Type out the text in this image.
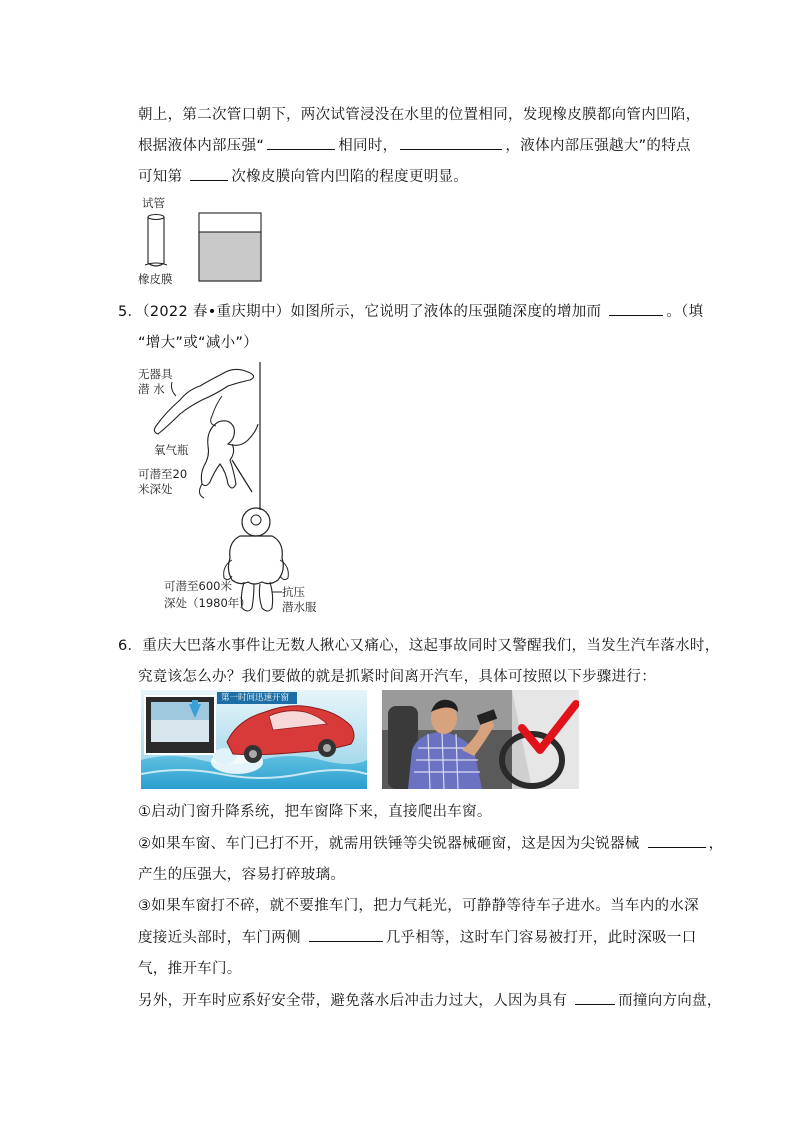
朝上，第二次管口朝下，两次试管浸没在水里的位置相同，发现橡皮膜都向管内凹陷，
根据液体内部压强“	相同时，	，液体内部压强越大”的特点
可知第	次橡皮膜向管内凹陷的程度更明显。
试管
橡皮膜
5．（2022 春•重庆期中）如图所示，它说明了液体的压强随深度的增加而	。（填
“增大”或“减小”）
无器具
潜 水
氧气瓶
可潜至20
米深处
可潜至600米
深处（1980年）
抗压
潜水服
6．重庆大巴落水事件让无数人揪心又痛心，这起事故同时又警醒我们，当发生汽车落水时，
究竟该怎么办？我们要做的就是抓紧时间离开汽车，具体可按照以下步骤进行：
第一时间迅速开窗
①启动门窗升降系统，把车窗降下来，直接爬出车窗。
②如果车窗、车门已打不开，就需用铁锤等尖锐器械砸窗，这是因为尖锐器械	，
产生的压强大，容易打碎玻璃。
③如果车窗打不碎，就不要推车门，把力气耗光，可静静等待车子进水。当车内的水深
度接近头部时，车门两侧	几乎相等，这时车门容易被打开，此时深吸一口
气，推开车门。
另外，开车时应系好安全带，避免落水后冲击力过大，人因为具有	而撞向方向盘，
